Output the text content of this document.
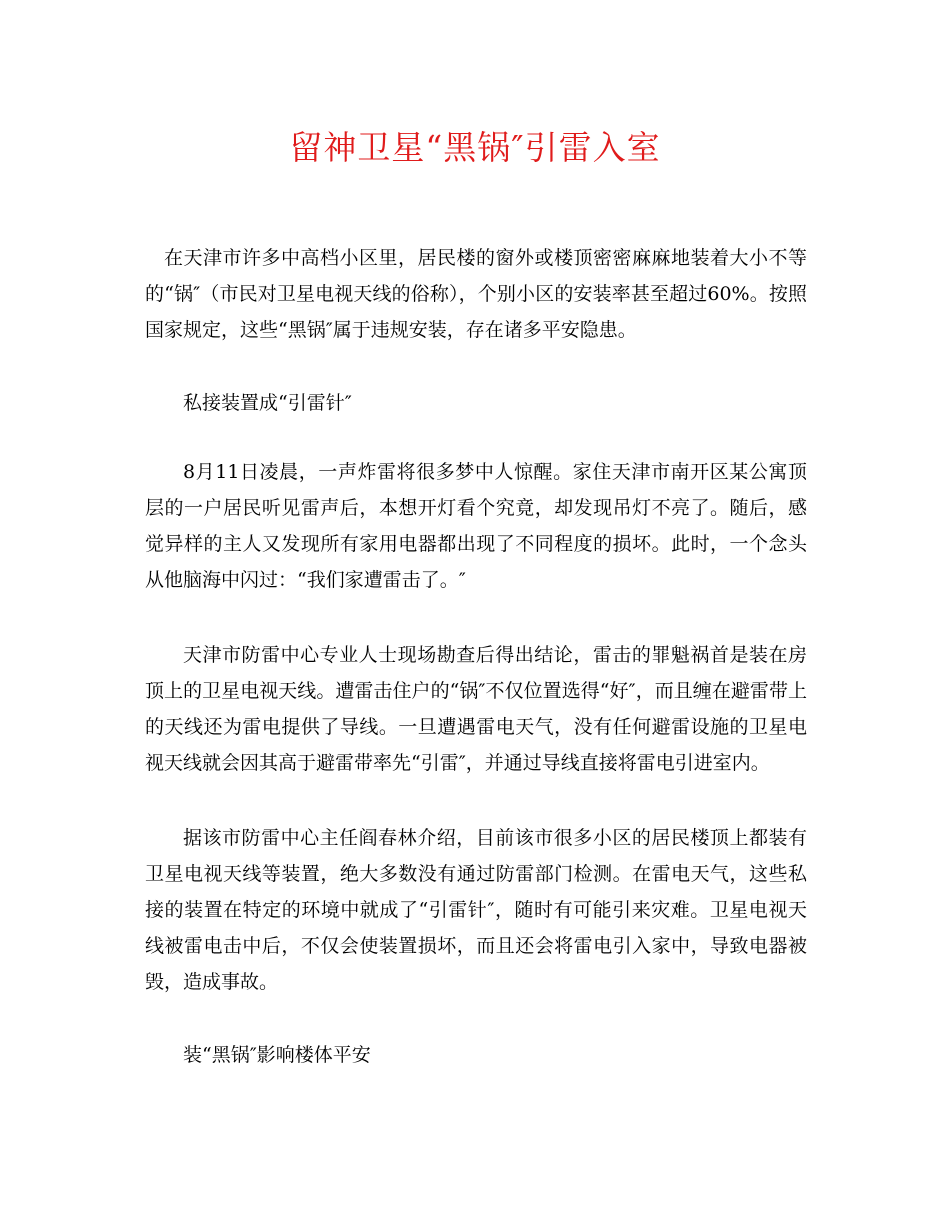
留神卫星“黑锅″引雷入室

在天津市许多中高档小区里，居民楼的窗外或楼顶密密麻麻地装着大小不等的“锅″（市民对卫星电视天线的俗称），个别小区的安装率甚至超过60%。按照国家规定，这些“黑锅″属于违规安装，存在诸多平安隐患。

私接装置成“引雷针″

8月11日凌晨，一声炸雷将很多梦中人惊醒。家住天津市南开区某公寓顶层的一户居民听见雷声后，本想开灯看个究竟，却发现吊灯不亮了。随后，感觉异样的主人又发现所有家用电器都出现了不同程度的损坏。此时，一个念头从他脑海中闪过：“我们家遭雷击了。″

天津市防雷中心专业人士现场勘查后得出结论，雷击的罪魁祸首是装在房顶上的卫星电视天线。遭雷击住户的“锅″不仅位置选得“好″，而且缠在避雷带上的天线还为雷电提供了导线。一旦遭遇雷电天气，没有任何避雷设施的卫星电视天线就会因其高于避雷带率先“引雷″，并通过导线直接将雷电引进室内。

据该市防雷中心主任阎春林介绍，目前该市很多小区的居民楼顶上都装有卫星电视天线等装置，绝大多数没有通过防雷部门检测。在雷电天气，这些私接的装置在特定的环境中就成了“引雷针″，随时有可能引来灾难。卫星电视天线被雷电击中后，不仅会使装置损坏，而且还会将雷电引入家中，导致电器被毁，造成事故。

装“黑锅″影响楼体平安
